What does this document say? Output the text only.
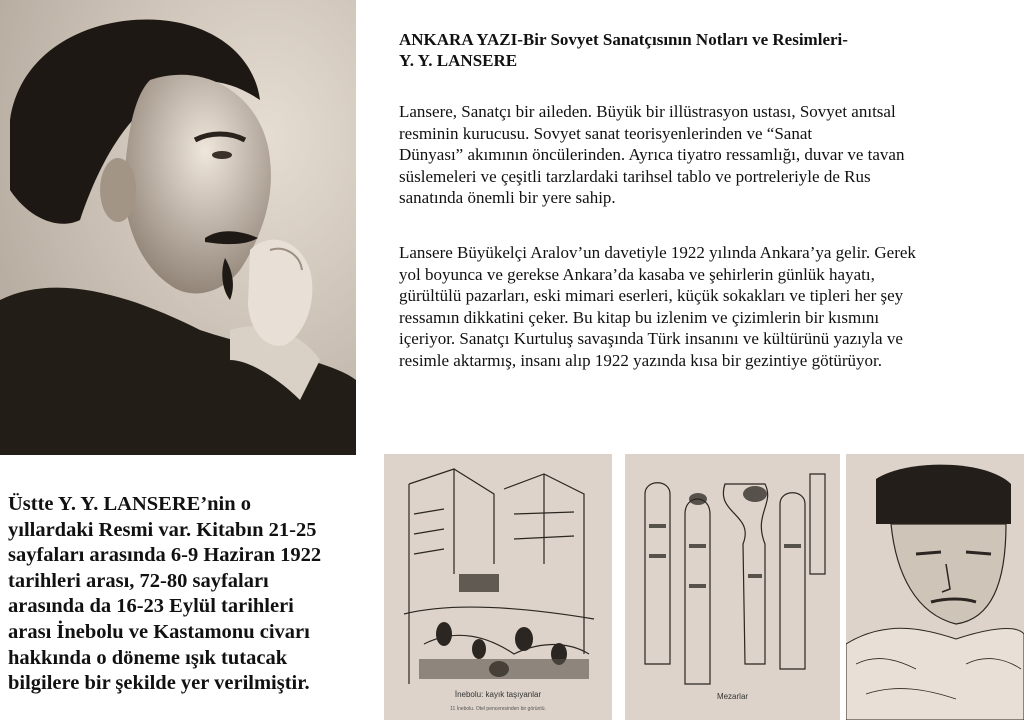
ANKARA YAZI-Bir Sovyet Sanatçısının Notları ve Resimleri-
Y. Y. LANSERE

Lansere, Sanatçı bir aileden. Büyük bir illüstrasyon ustası, Sovyet anıtsal
resminin kurucusu. Sovyet sanat teorisyenlerinden ve “Sanat
Dünyası” akımının öncülerinden. Ayrıca tiyatro ressamlığı, duvar ve tavan
süslemeleri ve çeşitli tarzlardaki tarihsel tablo ve portreleriyle de Rus
sanatında önemli bir yere sahip.

Lansere Büyükelçi Aralov’un davetiyle 1922 yılında Ankara’ya gelir. Gerek
yol boyunca ve gerekse Ankara’da kasaba ve şehirlerin günlük hayatı,
gürültülü pazarları, eski mimari eserleri, küçük sokakları ve tipleri her şey
ressamın dikkatini çeker. Bu kitap bu izlenim ve çizimlerin bir kısmını
içeriyor. Sanatçı Kurtuluş savaşında Türk insanını ve kültürünü yazıyla ve
resimle aktarmış, insanı alıp 1922 yazında kısa bir gezintiye götürüyor.

Üstte Y. Y. LANSERE’nin o
yıllardaki Resmi var. Kitabın 21-25
sayfaları arasında 6-9 Haziran 1922
tarihleri arası, 72-80 sayfaları
arasında da 16-23 Eylül tarihleri
arası İnebolu ve Kastamonu civarı
hakkında o döneme ışık tutacak
bilgilere bir şekilde yer verilmiştir.
İnebolu: kayık taşıyanlar
11 İnebolu. Otel penceresinden bir görüntü.
Mezarlar
